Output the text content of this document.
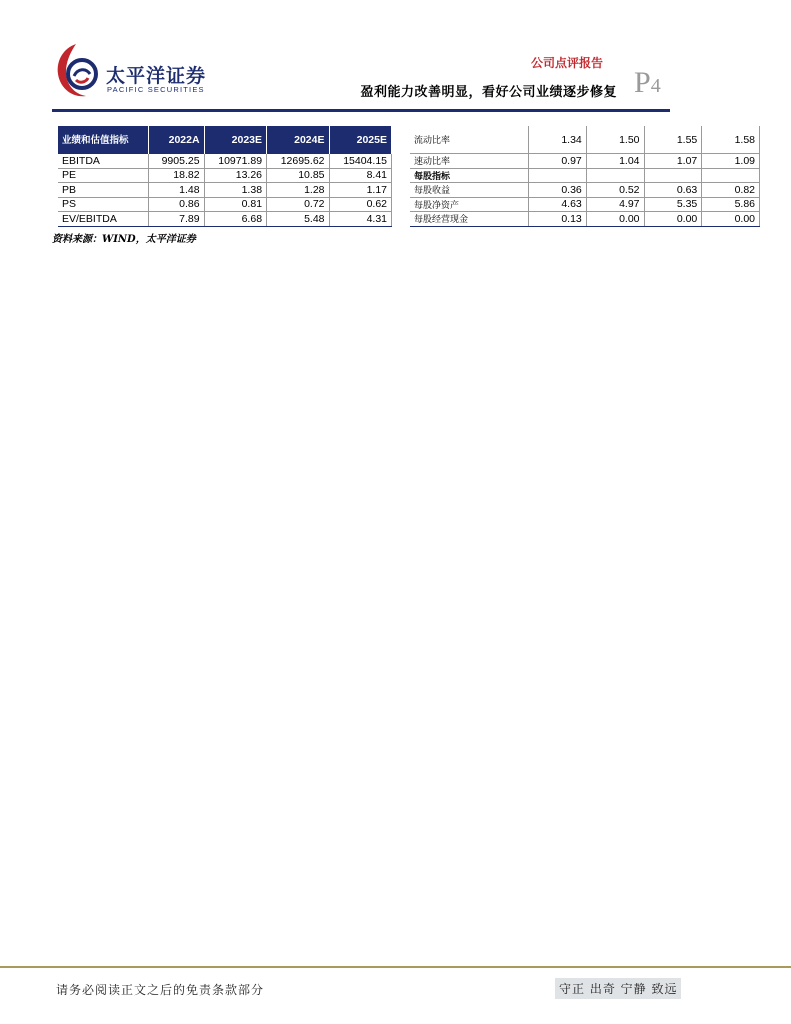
太平洋证券
PACIFIC SECURITIES
公司点评报告
盈利能力改善明显，看好公司业绩逐步修复 P4
业绩和估值指标	2022A	2023E	2024E	2025E
EBITDA	9905.25	10971.89	12695.62	15404.15
PE	18.82	13.26	10.85	8.41
PB	1.48	1.38	1.28	1.17
PS	0.86	0.81	0.72	0.62
EV/EBITDA	7.89	6.68	5.48	4.31
流动比率	1.34	1.50	1.55	1.58
速动比率	0.97	1.04	1.07	1.09
每股指标				
每股收益	0.36	0.52	0.63	0.82
每股净资产	4.63	4.97	5.35	5.86
每股经营现金	0.13	0.00	0.00	0.00
资料来源：WIND，太平洋证券
请务必阅读正文之后的免责条款部分	守正 出奇 宁静 致远
